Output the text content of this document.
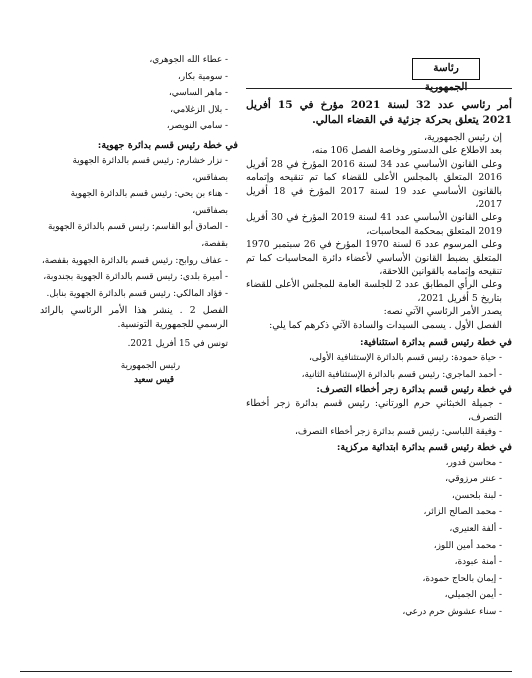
رئاسة الجمهورية

أمر رئاسي عدد 32 لسنة 2021 مؤرخ في 15 أفريل 2021 يتعلق بحركة جزئية في القضاء المالي.

إن رئيس الجمهورية،

بعد الاطلاع على الدستور وخاصة الفصل 106 منه،

وعلى القانون الأساسي عدد 34 لسنة 2016 المؤرخ في 28 أفريل 2016 المتعلق بالمجلس الأعلى للقضاء كما تم تنقيحه وإتمامه بالقانون الأساسي عدد 19 لسنة 2017 المؤرخ في 18 أفريل 2017،

وعلى القانون الأساسي عدد 41 لسنة 2019 المؤرخ في 30 أفريل 2019 المتعلق بمحكمة المحاسبات،

وعلى المرسوم عدد 6 لسنة 1970 المؤرخ في 26 سبتمبر 1970 المتعلق بضبط القانون الأساسي لأعضاء دائرة المحاسبات كما تم تنقيحه وإتمامه بالقوانين اللاحقة،

وعلى الرأي المطابق عدد 2 للجلسة العامة للمجلس الأعلى للقضاء بتاريخ 5 أفريل 2021،

يصدر الأمر الرئاسي الآتي نصه:

الفصل الأول . يسمى السيدات والسادة الآتي ذكرهم كما يلي:

في خطة رئيس قسم بدائرة استئنافية:

- حياة حمودة: رئيس قسم بالدائرة الإستئنافية الأولى،

- أحمد الماجري: رئيس قسم بالدائرة الإستئنافية الثانية،

في خطة رئيس قسم بدائرة زجر أخطاء التصرف:

- جميلة الخبثاني حرم الورتاني: رئيس قسم بدائرة زجر أخطاء التصرف،

- وفيقة اللباسي: رئيس قسم بدائرة زجر أخطاء التصرف،

في خطة رئيس قسم بدائرة ابتدائية مركزية:

- محاسن قدور،

- عنتر مرزوقي،

- لبنة بلحسن،

- محمد الصالح الزائر،

- ألفة العتيري،

- محمد أمين اللوز،

- أمنة عبودة،

- إيمان بالحاج حمودة،

- أيمن الجميلي،

- سناء عشوش حرم درعي،

- عطاء الله الجوهري،

- سومية بكار،

- ماهر الساسي،

- بلال الزغلامي،

- سامي النويصر،

في خطة رئيس قسم بدائرة جهوية:

- نزار خشارم: رئيس قسم بالدائرة الجهوية بصفاقس،

- هناء بن يحي: رئيس قسم بالدائرة الجهوية بصفاقس،

- الصادق أبو القاسم: رئيس قسم بالدائرة الجهوية بقفصة،

- عفاف روابح: رئيس قسم بالدائرة الجهوية بقفصة،

- أميرة بلدي: رئيس قسم بالدائرة الجهوية بجندوبة،

- فؤاد المالكي: رئيس قسم بالدائرة الجهوية بنابل.

الفصل 2 . ينشر هذا الأمر الرئاسي بالرائد الرسمي للجمهورية التونسية.

تونس في 15 أفريل 2021.

رئيس الجمهورية

قيس سعيد
